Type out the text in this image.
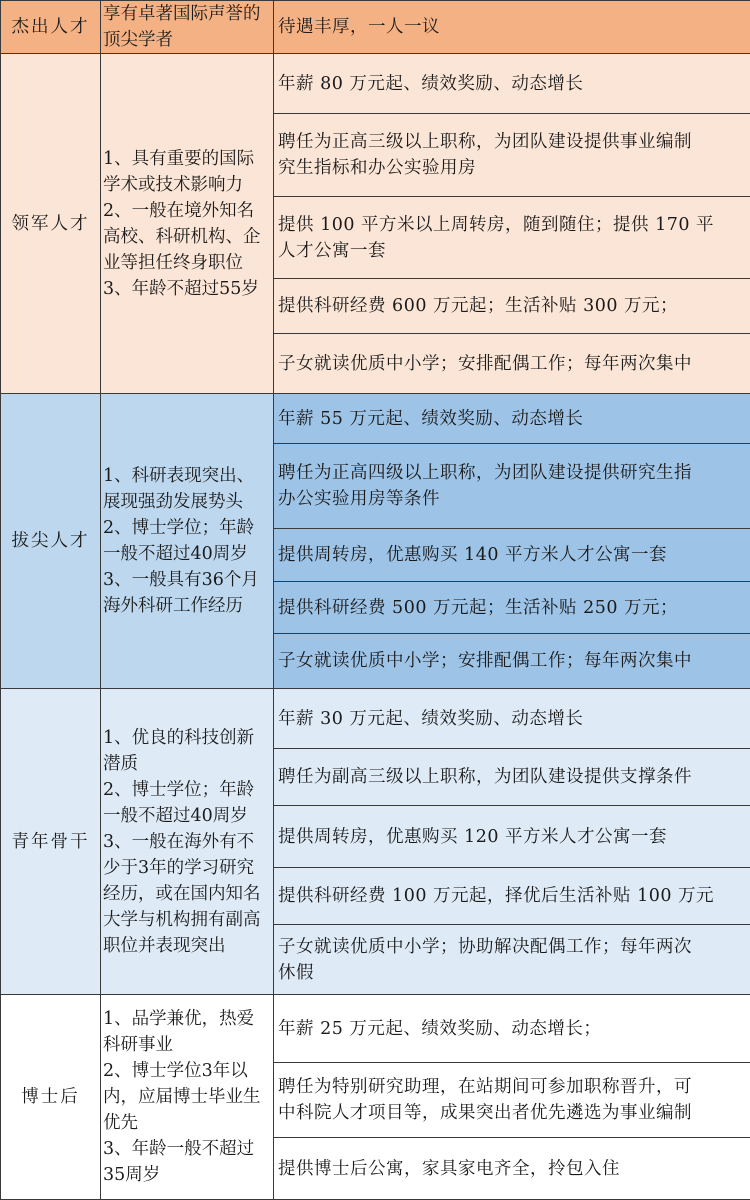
杰出人才	享有卓著国际声誉的顶尖学者	待遇丰厚，一人一议
领军人才	1、具有重要的国际学术或技术影响力
2、一般在境外知名高校、科研机构、企业等担任终身职位
3、年龄不超过55岁	年薪 80 万元起、绩效奖励、动态增长
		聘任为正高三级以上职称，为团队建设提供事业编制
究生指标和办公实验用房
		提供 100 平方米以上周转房，随到随住；提供 170 平
人才公寓一套
		提供科研经费 600 万元起；生活补贴 300 万元；
		子女就读优质中小学；安排配偶工作；每年两次集中
拔尖人才	1、科研表现突出、展现强劲发展势头
2、博士学位；年龄一般不超过40周岁
3、一般具有36个月海外科研工作经历	年薪 55 万元起、绩效奖励、动态增长
		聘任为正高四级以上职称，为团队建设提供研究生指
办公实验用房等条件
		提供周转房，优惠购买 140 平方米人才公寓一套
		提供科研经费 500 万元起；生活补贴 250 万元；
		子女就读优质中小学；安排配偶工作；每年两次集中
青年骨干	1、优良的科技创新潜质
2、博士学位；年龄一般不超过40周岁
3、一般在海外有不少于3年的学习研究经历，或在国内知名大学与机构拥有副高职位并表现突出	年薪 30 万元起、绩效奖励、动态增长
		聘任为副高三级以上职称，为团队建设提供支撑条件
		提供周转房，优惠购买 120 平方米人才公寓一套
		提供科研经费 100 万元起，择优后生活补贴 100 万元
		子女就读优质中小学；协助解决配偶工作；每年两次
休假
博士后	1、品学兼优，热爱科研事业
2、博士学位3年以内，应届博士毕业生优先
3、年龄一般不超过35周岁	年薪 25 万元起、绩效奖励、动态增长；
		聘任为特别研究助理，在站期间可参加职称晋升，可
中科院人才项目等，成果突出者优先遴选为事业编制
		提供博士后公寓，家具家电齐全，拎包入住
